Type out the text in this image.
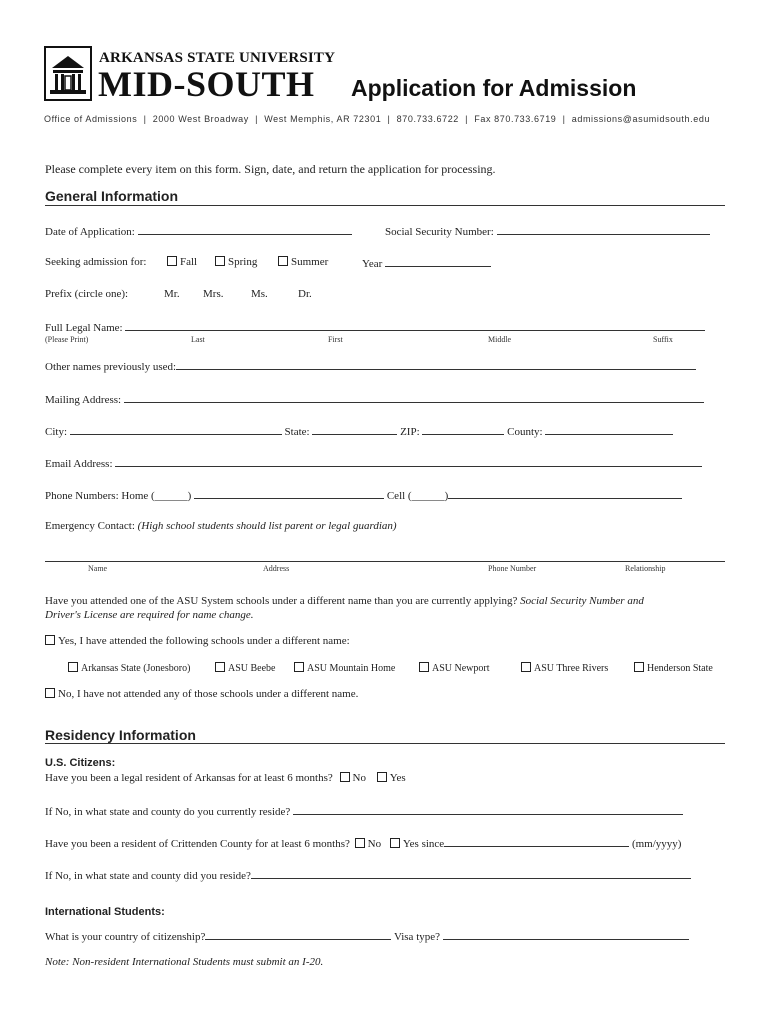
ARKANSAS STATE UNIVERSITY
MID-SOUTH Application for Admission
Office of Admissions  |  2000 West Broadway  |  West Memphis, AR 72301  |  870.733.6722  |  Fax 870.733.6719  |  admissions@asumidsouth.edu
Please complete every item on this form. Sign, date, and return the application for processing.
General Information
Date of Application:	Social Security Number:
Seeking admission for:	Fall	Spring	Summer	Year
Prefix (circle one):	Mr. Mrs.	Ms.	Dr.
Full Legal Name:
(Please Print)	Last	First	Middle	Suffix
Other names previously used:
Mailing Address:
City:	State:	ZIP:	County:
Email Address:
Phone Numbers: Home (______)	Cell (______)
Emergency Contact: (High school students should list parent or legal guardian)
Name	Address	Phone Number	Relationship
Have you attended one of the ASU System schools under a different name than you are currently applying? Social Security Number and
Driver's License are required for name change.
Yes, I have attended the following schools under a different name:
Arkansas State (Jonesboro)	ASU Beebe	ASU Mountain Home	ASU Newport	ASU Three Rivers	Henderson State
No, I have not attended any of those schools under a different name.
Residency Information
U.S. Citizens:
Have you been a legal resident of Arkansas for at least 6 months? No Yes
If No, in what state and county do you currently reside?
Have you been a resident of Crittenden County for at least 6 months? No Yes since	(mm/yyyy)
If No, in what state and county did you reside?
International Students:
What is your country of citizenship?	Visa type?
Note: Non-resident International Students must submit an I-20.
